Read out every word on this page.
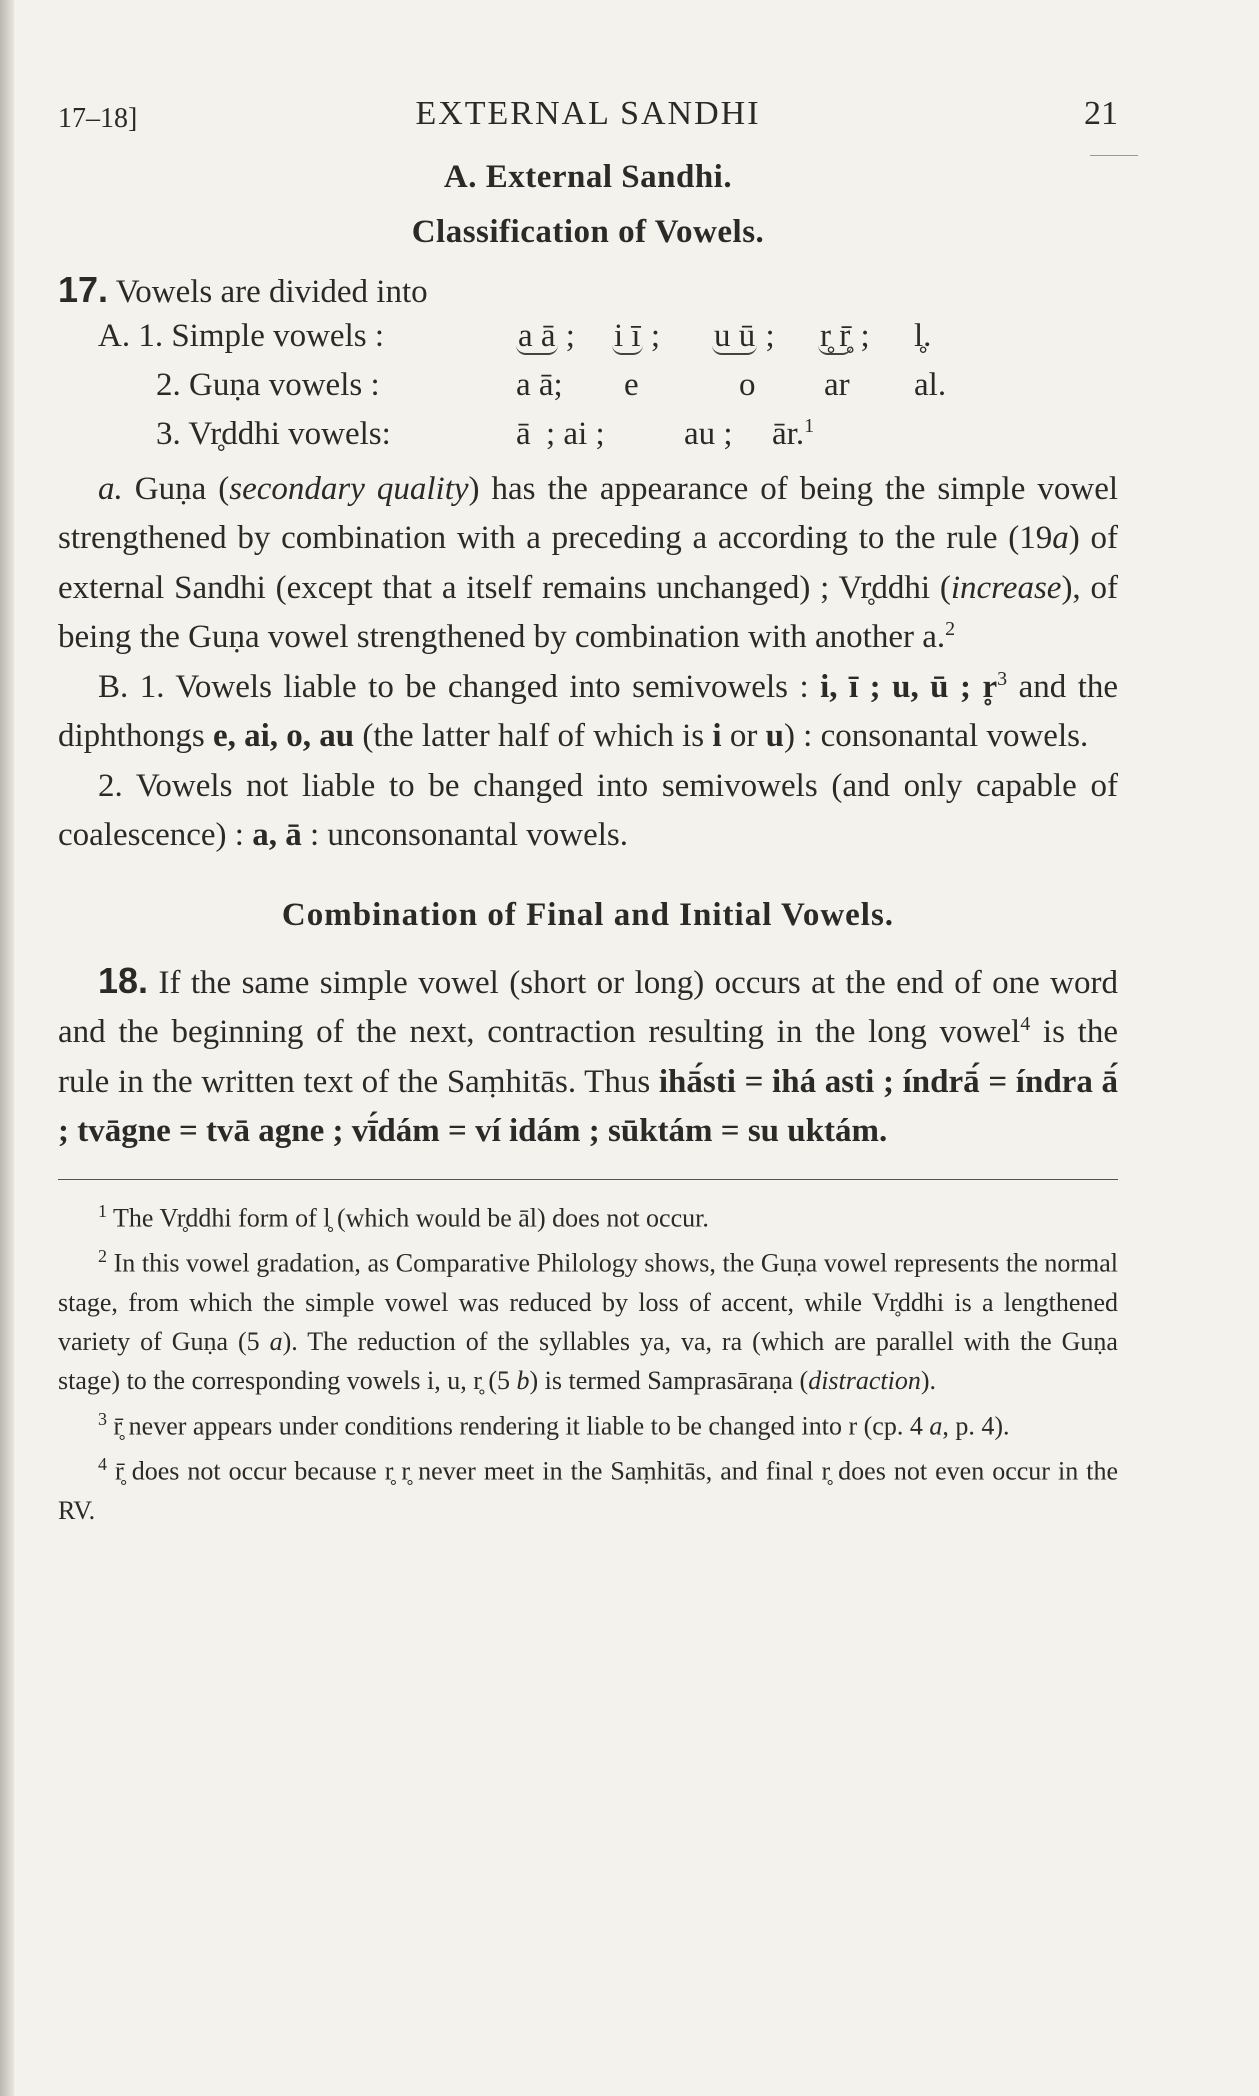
17–18]	EXTERNAL SANDHI	21

A. External Sandhi.

Classification of Vowels.

17. Vowels are divided into

A. 1. Simple vowels :	a ā ;	i ī ;	u ū ;	r̥ r̥̄ ;	l̥.
2. Guṇa vowels :	a ā;	e	o	ar	al.
3. Vr̥ddhi vowels:	ā ; ai ;	au ;	ār.$^1$

a. Guṇa (secondary quality) has the appearance of being the simple vowel strengthened by combination with a preceding a according to the rule (19a) of external Sandhi (except that a itself remains unchanged) ; Vr̥ddhi (increase), of being the Guṇa vowel strengthened by combination with another a.$^2$

B. 1. Vowels liable to be changed into semivowels : i, ī ; u, ū ; r̥$^3$ and the diphthongs e, ai, o, au (the latter half of which is i or u) : consonantal vowels.

2. Vowels not liable to be changed into semivowels (and only capable of coalescence) : a, ā : unconsonantal vowels.

Combination of Final and Initial Vowels.

18. If the same simple vowel (short or long) occurs at the end of one word and the beginning of the next, contraction resulting in the long vowel$^4$ is the rule in the written text of the Saṃhitās. Thus ihā́sti = ihá asti ; índrā́ = índra ā́ ; tvāgne = tvā agne ; vī́dám = ví idám ; sūktám = su uktám.

$^1$ The Vr̥ddhi form of l̥ (which would be āl) does not occur.

$^2$ In this vowel gradation, as Comparative Philology shows, the Guṇa vowel represents the normal stage, from which the simple vowel was reduced by loss of accent, while Vr̥ddhi is a lengthened variety of Guṇa (5 a). The reduction of the syllables ya, va, ra (which are parallel with the Guṇa stage) to the corresponding vowels i, u, r̥ (5 b) is termed Samprasāraṇa (distraction).

$^3$ r̥̄ never appears under conditions rendering it liable to be changed into r (cp. 4 a, p. 4).

$^4$ r̥̄ does not occur because r̥ r̥ never meet in the Saṃhitās, and final r̥ does not even occur in the RV.
